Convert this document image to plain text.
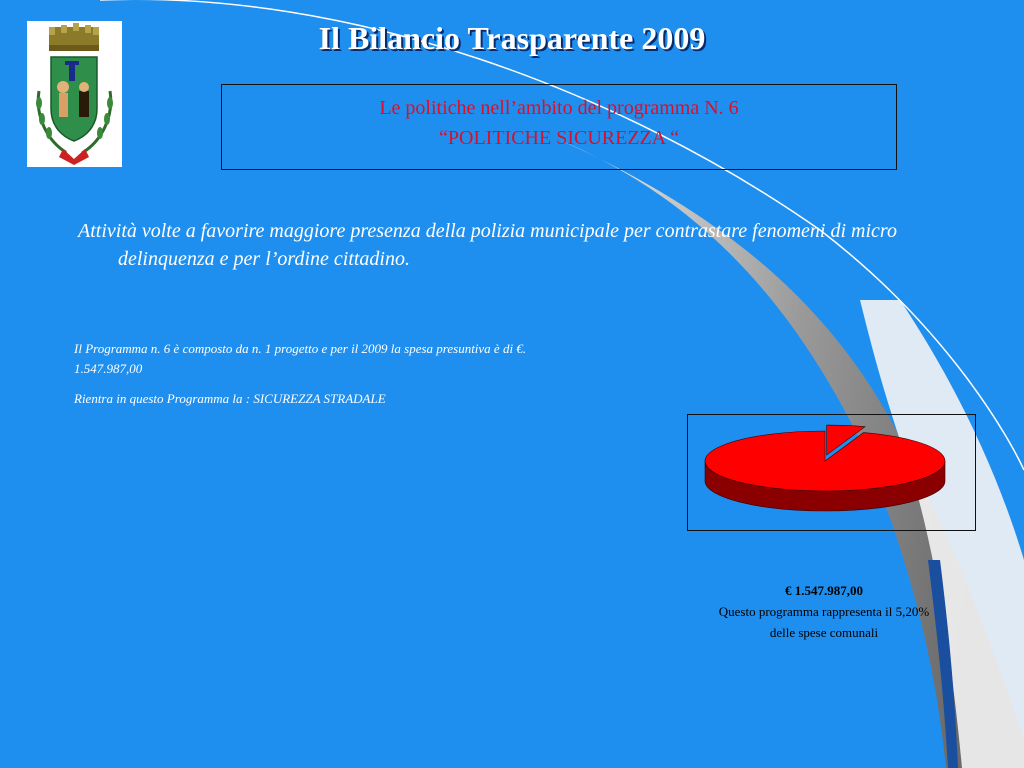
Il Bilancio Trasparente 2009
Le politiche nell’ambito del programma N. 6
“POLITICHE SICUREZZA “
Attività volte a favorire maggiore presenza della polizia municipale per contrastare fenomeni di micro delinquenza e per l’ordine cittadino.

Il Programma n. 6 è composto da n. 1 progetto e per il 2009 la spesa presuntiva è di €. 1.547.987,00

Rientra in questo Programma la : SICUREZZA STRADALE

€ 1.547.987,00
Questo programma rappresenta il 5,20%
delle spese comunali
